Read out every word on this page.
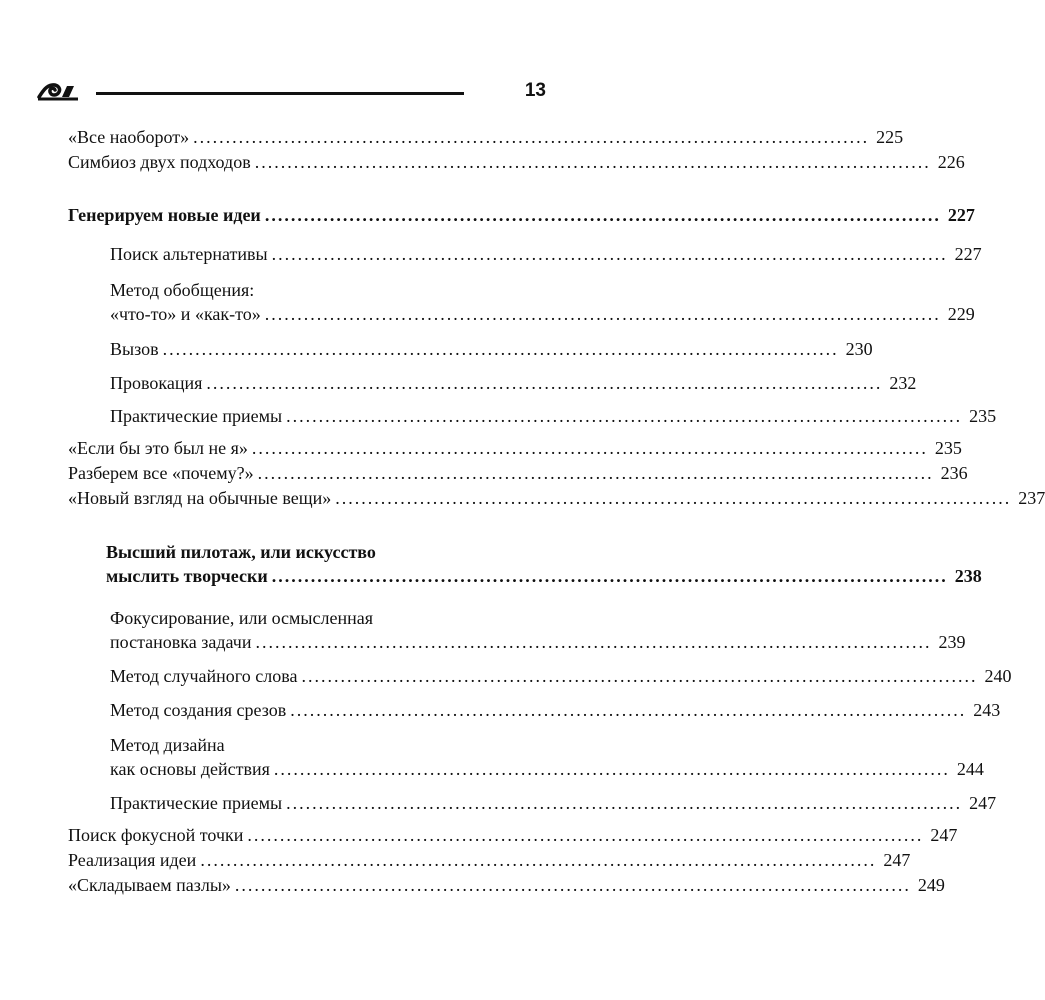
13
«Все наоборот» ........................................................................................................ 225
Симбиоз двух подходов ........................................................................................................ 226
Генерируем новые идеи ........................................................................................................ 227
Поиск альтернативы ........................................................................................................ 227
Метод обобщения:
«что-то» и «как-то» ........................................................................................................ 229
Вызов ........................................................................................................ 230
Провокация ........................................................................................................ 232
Практические приемы ........................................................................................................ 235
«Если бы это был не я» ........................................................................................................ 235
Разберем все «почему?» ........................................................................................................ 236
«Новый взгляд на обычные вещи» ........................................................................................................ 237
Высший пилотаж, или искусство
мыслить творчески ........................................................................................................ 238
Фокусирование, или осмысленная
постановка задачи ........................................................................................................ 239
Метод случайного слова ........................................................................................................ 240
Метод создания срезов ........................................................................................................ 243
Метод дизайна
как основы действия ........................................................................................................ 244
Практические приемы ........................................................................................................ 247
Поиск фокусной точки ........................................................................................................ 247
Реализация идеи ........................................................................................................ 247
«Складываем пазлы» ........................................................................................................ 249
